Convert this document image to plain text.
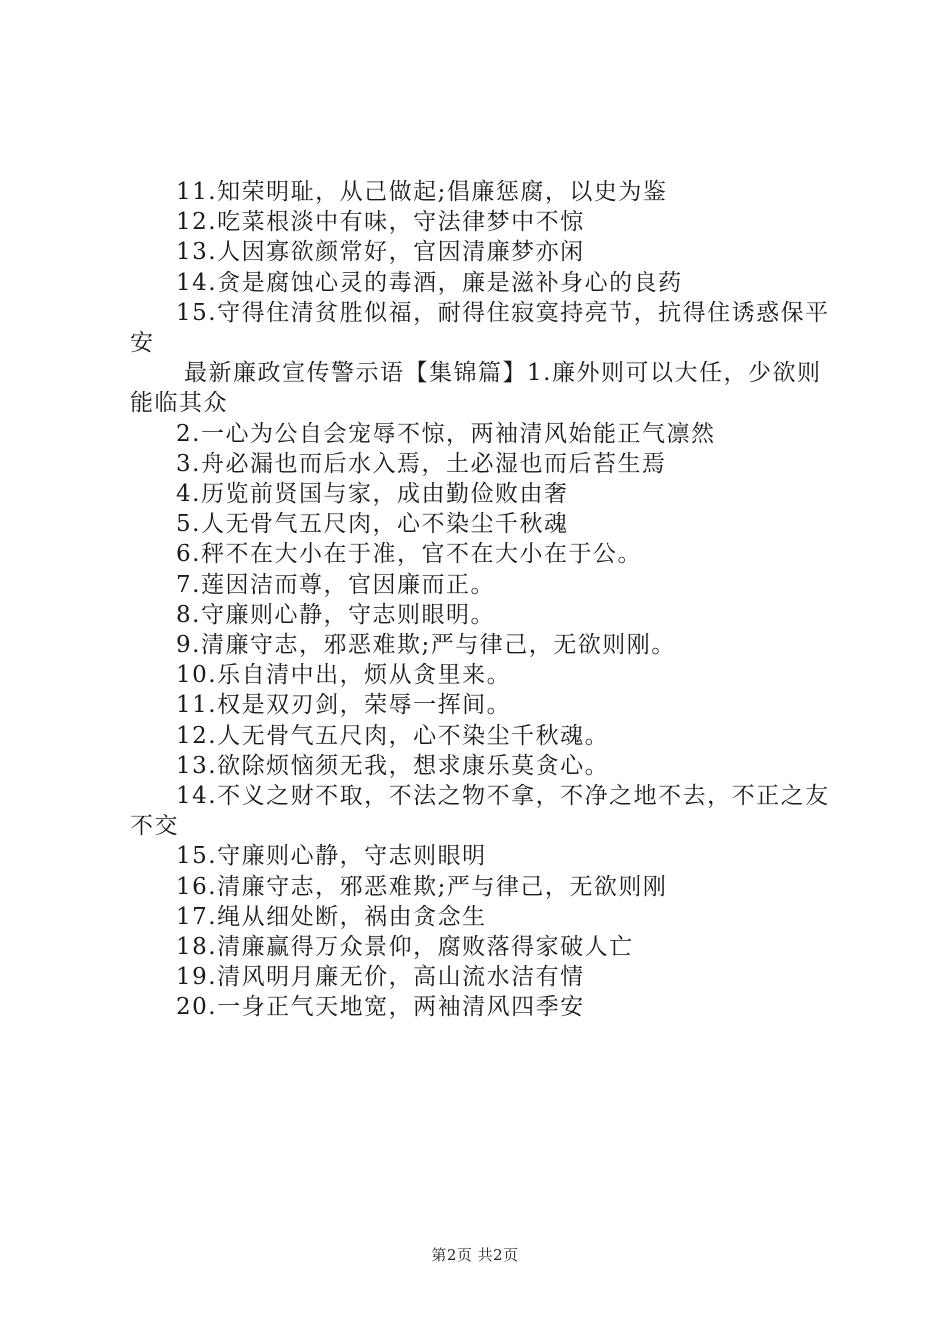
11.知荣明耻，从己做起;倡廉惩腐，以史为鉴

12.吃菜根淡中有味，守法律梦中不惊

13.人因寡欲颜常好，官因清廉梦亦闲

14.贪是腐蚀心灵的毒酒，廉是滋补身心的良药

15.守得住清贫胜似福，耐得住寂寞持亮节，抗得住诱惑保平安

最新廉政宣传警示语【集锦篇】1.廉外则可以大任，少欲则能临其众

2.一心为公自会宠辱不惊，两袖清风始能正气凛然

3.舟必漏也而后水入焉，土必湿也而后苔生焉

4.历览前贤国与家，成由勤俭败由奢

5.人无骨气五尺肉，心不染尘千秋魂

6.秤不在大小在于准，官不在大小在于公。

7.莲因洁而尊，官因廉而正。

8.守廉则心静，守志则眼明。

9.清廉守志，邪恶难欺;严与律己，无欲则刚。

10.乐自清中出，烦从贪里来。

11.权是双刃剑，荣辱一挥间。

12.人无骨气五尺肉，心不染尘千秋魂。

13.欲除烦恼须无我，想求康乐莫贪心。

14.不义之财不取，不法之物不拿，不净之地不去，不正之友不交

15.守廉则心静，守志则眼明

16.清廉守志，邪恶难欺;严与律己，无欲则刚

17.绳从细处断，祸由贪念生

18.清廉赢得万众景仰，腐败落得家破人亡

19.清风明月廉无价，高山流水洁有情

20.一身正气天地宽，两袖清风四季安

第2页 共2页
